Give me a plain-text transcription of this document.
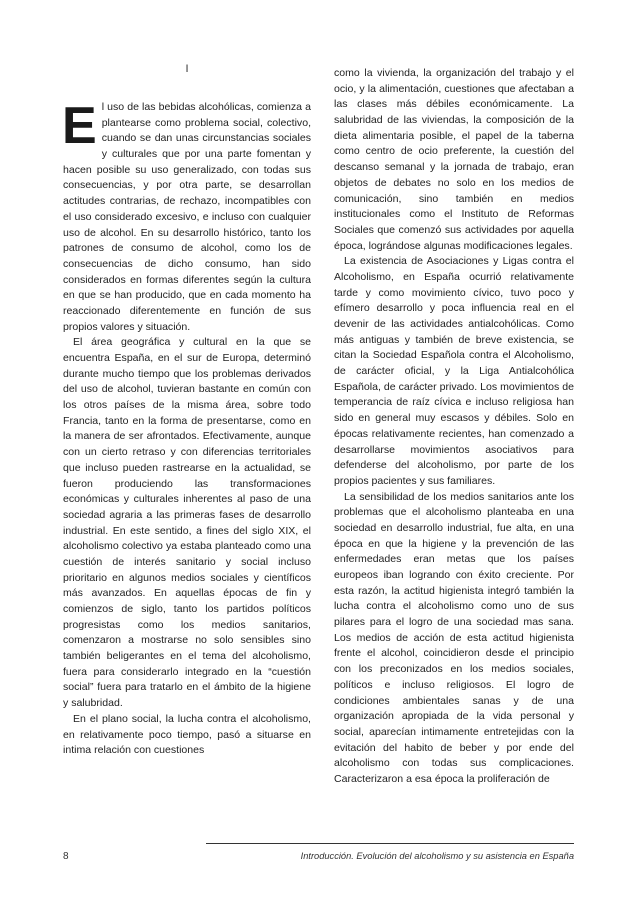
I

El uso de las bebidas alcohólicas, comienza a plantearse como problema social, colectivo, cuando se dan unas circunstancias sociales y culturales que por una parte fomentan y hacen posible su uso generalizado, con todas sus consecuencias, y por otra parte, se desarrollan actitudes contrarias, de rechazo, incompatibles con el uso considerado excesivo, e incluso con cualquier uso de alcohol. En su desarrollo histórico, tanto los patrones de consumo de alcohol, como los de consecuencias de dicho consumo, han sido considerados en formas diferentes según la cultura en que se han producido, que en cada momento ha reaccionado diferentemente en función de sus propios valores y situación.

El área geográfica y cultural en la que se encuentra España, en el sur de Europa, determinó durante mucho tiempo que los problemas derivados del uso de alcohol, tuvieran bastante en común con los otros países de la misma área, sobre todo Francia, tanto en la forma de presentarse, como en la manera de ser afrontados. Efectivamente, aunque con un cierto retraso y con diferencias territoriales que incluso pueden rastrearse en la actualidad, se fueron produciendo las transformaciones económicas y culturales inherentes al paso de una sociedad agraria a las primeras fases de desarrollo industrial. En este sentido, a fines del siglo XIX, el alcoholismo colectivo ya estaba planteado como una cuestión de interés sanitario y social incluso prioritario en algunos medios sociales y científicos más avanzados. En aquellas épocas de fin y comienzos de siglo, tanto los partidos políticos progresistas como los medios sanitarios, comenzaron a mostrarse no solo sensibles sino también beligerantes en el tema del alcoholismo, fuera para considerarlo integrado en la “cuestión social” fuera para tratarlo en el ámbito de la higiene y salubridad.

En el plano social, la lucha contra el alcoholismo, en relativamente poco tiempo, pasó a situarse en intima relación con cuestiones

como la vivienda, la organización del trabajo y el ocio, y la alimentación, cuestiones que afectaban a las clases más débiles económicamente. La salubridad de las viviendas, la composición de la dieta alimentaria posible, el papel de la taberna como centro de ocio preferente, la cuestión del descanso semanal y la jornada de trabajo, eran objetos de debates no solo en los medios de comunicación, sino también en medios institucionales como el Instituto de Reformas Sociales que comenzó sus actividades por aquella época, lográndose algunas modificaciones legales.

La existencia de Asociaciones y Ligas contra el Alcoholismo, en España ocurrió relativamente tarde y como movimiento cívico, tuvo poco y efímero desarrollo y poca influencia real en el devenir de las actividades antialcohólicas. Como más antiguas y también de breve existencia, se citan la Sociedad Española contra el Alcoholismo, de carácter oficial, y la Liga Antialcohólica Española, de carácter privado. Los movimientos de temperancia de raíz cívica e incluso religiosa han sido en general muy escasos y débiles. Solo en épocas relativamente recientes, han comenzado a desarrollarse movimientos asociativos para defenderse del alcoholismo, por parte de los propios pacientes y sus familiares.

La sensibilidad de los medios sanitarios ante los problemas que el alcoholismo planteaba en una sociedad en desarrollo industrial, fue alta, en una época en que la higiene y la prevención de las enfermedades eran metas que los países europeos iban logrando con éxito creciente. Por esta razón, la actitud higienista integró también la lucha contra el alcoholismo como uno de sus pilares para el logro de una sociedad mas sana. Los medios de acción de esta actitud higienista frente el alcohol, coincidieron desde el principio con los preconizados en los medios sociales, políticos e incluso religiosos. El logro de condiciones ambientales sanas y de una organización apropiada de la vida personal y social, aparecían intimamente entretejidas con la evitación del habito de beber y por ende del alcoholismo con todas sus complicaciones. Caracterizaron a esa época la proliferación de

8	Introducción. Evolución del alcoholismo y su asistencia en España
